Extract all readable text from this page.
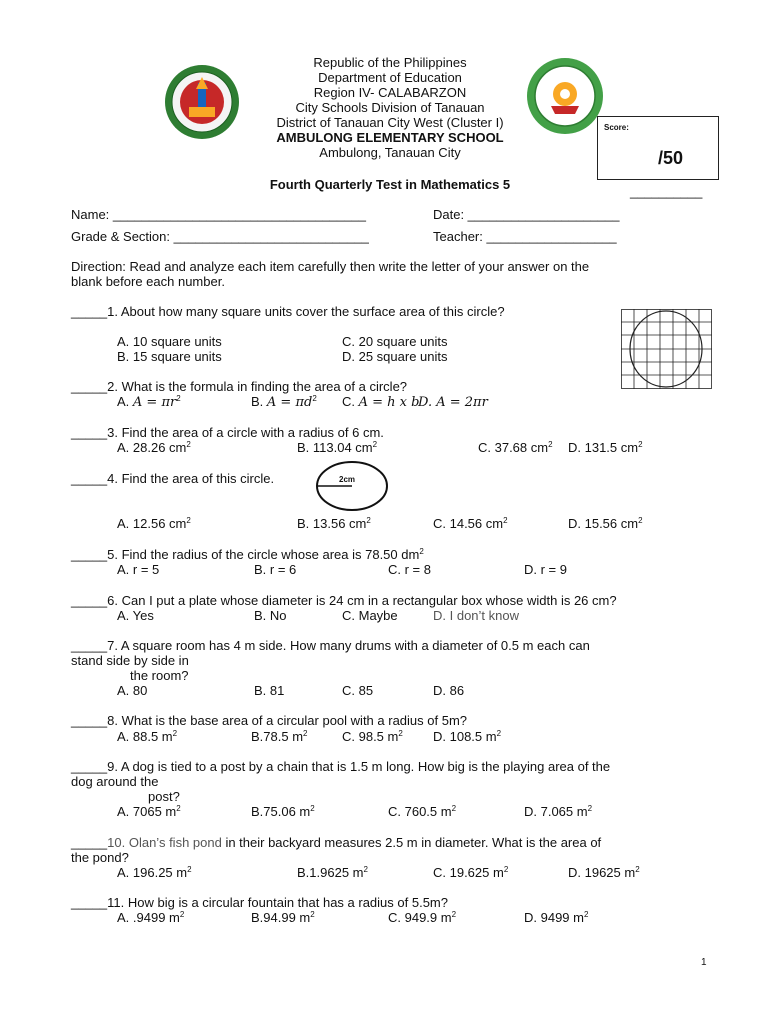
Republic of the Philippines
Department of Education
Region IV- CALABARZON
City Schools Division of Tanauan
District of Tanauan City West (Cluster I)
AMBULONG ELEMENTARY SCHOOL
Ambulong, Tanauan City
Fourth Quarterly Test in Mathematics 5
Score:
/50
__________
Name: ___________________________________	Date: _____________________
Grade & Section: ___________________________	Teacher: __________________
Direction: Read and analyze each item carefully then write the letter of your answer on the
blank before each number.
_____1. About how many square units cover the surface area of this circle?
A. 10 square units	C. 20 square units
B. 15 square units	D. 25 square units
_____2. What is the formula in finding the area of a circle?
A. $A = \pi r^2$	B. $A = \pi d^2$ C. A = h x b
D. A = 2πr
_____3. Find the area of a circle with a radius of 6 cm.
A. 28.26 $cm^2$	B. 113.04 $cm^2$	C. 37.68 $cm^2$ D. 131.5 $cm^2$
_____4. Find the area of this circle.	2cm
A. 12.56 $cm^2$	B. 13.56 $cm^2$	C. 14.56 $cm^2$	D. 15.56 $cm^2$
_____5. Find the radius of the circle whose area is 78.50 $dm^2$
A. r = 5	B. r = 6	C. r = 8	D. r = 9
_____6. Can I put a plate whose diameter is 24 cm in a rectangular box whose width is 26 cm?
A. Yes	B. No	C. Maybe	D. I don’t know
_____7. A square room has 4 m side. How many drums with a diameter of 0.5 m each can
stand side by side in
the room?
A. 80	B. 81	C. 85	D. 86
_____8. What is the base area of a circular pool with a radius of 5m?
A. 88.5 $m^2$	B.78.5 $m^2$	C. 98.5 $m^2$ D. 108.5 $m^2$
_____9. A dog is tied to a post by a chain that is 1.5 m long. How big is the playing area of the
dog around the
post?
A. 7065 $m^2$	B.75.06 $m^2$	C. 760.5 $m^2$	D. 7.065 $m^2$
_____10. Olan’s fish pond in their backyard measures 2.5 m in diameter. What is the area of
the pond?
A. 196.25 $m^2$	B.1.9625 $m^2$	C. 19.625 $m^2$	D. 19625 $m^2$
_____11. How big is a circular fountain that has a radius of 5.5m?
A. .9499 $m^2$	B.94.99 $m^2$	C. 949.9 $m^2$	D. 9499 $m^2$
1
